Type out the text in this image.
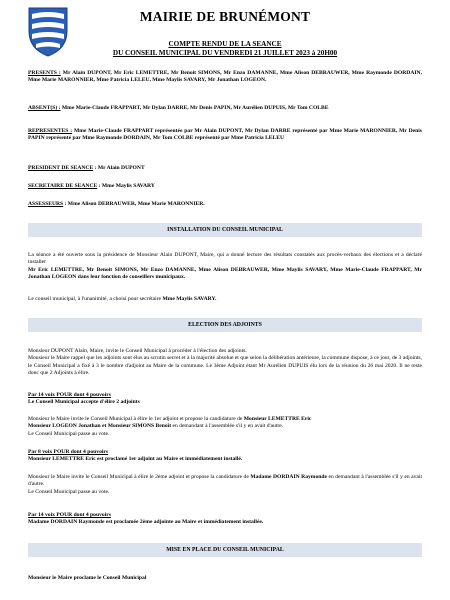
MAIRIE DE BRUNÉMONT
COMPTE RENDU DE LA SEANCE
DU CONSEIL MUNICIPAL DU VENDREDI 21 JUILLET 2023 à 20H00

PRESENTS : Mr Alain DUPONT, Mr Eric LEMETTRE, Mr Benoit SIMONS, Mr Enzo DAMANNE, Mme Alison DEBRAUWER, Mme Raymonde DORDAIN, Mme Marie MARONNIER, Mme Patricia LELEU, Mme Maylis SAVARY, Mr Jonathan LOGEON.

ABSENT(S) : Mme Marie-Claude FRAPPART, Mr Dylan DARRE, Mr Denis PAPIN, Mr Aurélien DUPUIS, Mr Tom COLBE

REPRESENTES : Mme Marie-Claude FRAPPART représentée par Mr Alain DUPONT, Mr Dylan DARRE représenté par Mme Marie MARONNIER, Mr Denis PAPIN représenté par Mme Raymonde DORDAIN, Mr Tom COLBE représenté par Mme Patricia LELEU

PRESIDENT DE SEANCE : Mr Alain DUPONT

SECRETAIRE DE SEANCE : Mme Maylis SAVARY

ASSESSEURS : Mme Alison DEBRAUWER, Mme Marie MARONNIER.

INSTALLATION DU CONSEIL MUNICIPAL

La séance a été ouverte sous la présidence de Monsieur Alain DUPONT, Maire, qui a donné lecture des résultats constatés aux procès-verbaux des élections et a déclaré installer
Mr Eric LEMETTRE, Mr Benoit SIMONS, Mr Enzo DAMANNE, Mme Alison DEBRAUWER, Mme Maylis SAVARY, Mme Marie-Claude FRAPPART, Mr Jonathan LOGEON dans leur fonction de conseillers municipaux.

Le conseil municipal, à l'unanimité, a choisi pour secrétaire Mme Maylis SAVARY.

ELECTION DES ADJOINTS

Monsieur DUPONT Alain, Maire, invite le Conseil Municipal à procéder à l'élection des adjoints.

Monsieur le Maire rappel que les adjoints sont élus au scrutin secret et à la majorité absolue et que selon la délibération antérieure, la commune dispose, à ce jour, de 3 adjoints, le Conseil Municipal a fixé à 3 le nombre d'adjoint au Maire de la commune. Le 3ème Adjoint étant Mr Aurélien DUPUIS élu lors de la réunion du 26 mai 2020. Il ne reste donc que 2 Adjoints à élire.

Par 14 voix POUR dont 4 pouvoirs

Le Conseil Municipal accepte d'élire 2 adjoints

Monsieur le Maire invite le Conseil Municipal à élire le 1er adjoint et propose la candidature de Monsieur LEMETTRE Eric
Monsieur LOGEON Jonathan et Monsieur SIMONS Benoît en demandant à l'assemblée s'il y en avait d'autre.
Le Conseil Municipal passe au vote.

Par 8 voix POUR dont 4 pouvoirs

Monsieur LEMETTRE Eric est proclamé 1er adjoint au Maire et immédiatement installé.

Monsieur le Maire invite le Conseil Municipal à élire le 2ème adjoint et propose la candidature de Madame DORDAIN Raymonde en demandant à l'assemblée s'il y en avait d'autre.
Le Conseil Municipal passe au vote.

Par 14 voix POUR dont 4 pouvoirs

Madame DORDAIN Raymonde est proclamée 2ème adjointe au Maire et immédiatement installée.

MISE EN PLACE DU CONSEIL MUNICIPAL

Monsieur le Maire proclame le Conseil Municipal
